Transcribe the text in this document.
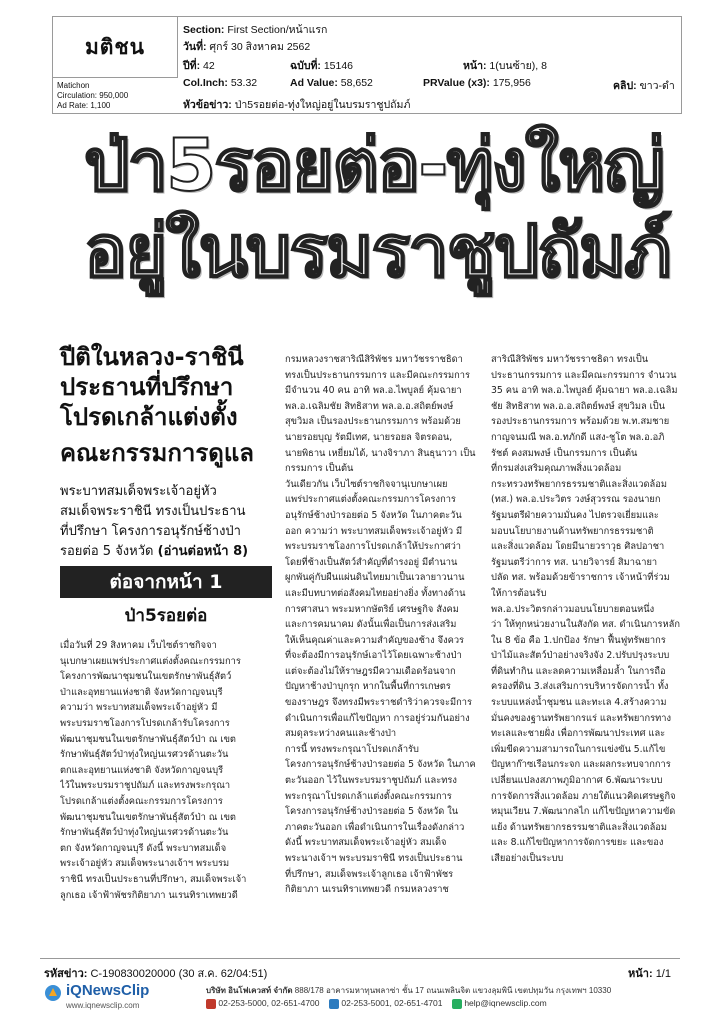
มติชน
Matichon
Circulation: 950,000
Ad Rate: 1,100
Section: First Section/หน้าแรก
วันที่: ศุกร์ 30 สิงหาคม 2562
ปีที่: 42	ฉบับที่: 15146	หน้า: 1(บนซ้าย), 8
Col.Inch: 53.32	Ad Value: 58,652	PRValue (x3): 175,956	คลิป: ขาว-ดำ
หัวข้อข่าว: ป่า5รอยต่อ-ทุ่งใหญ่อยู่ในบรมราชูปถัมภ์
ป่า5รอยต่อ-ทุ่งใหญ่
อยู่ในบรมราชูปถัมภ์
ปีติในหลวง-ราชินี
ประธานที่ปรึกษา
โปรดเกล้าแต่งตั้ง
คณะกรรมการดูแล
พระบาทสมเด็จพระเจ้าอยู่หัว
สมเด็จพระราชินี ทรงเป็นประธาน
ที่ปรึกษา โครงการอนุรักษ์ช้างป่า
รอยต่อ 5 จังหวัด (อ่านต่อหน้า 8)
ต่อจากหน้า 1
ป่า5รอยต่อ
เมื่อวันที่ 29 สิงหาคม เว็บไซต์ราชกิจจา
นุเบกษาเผยแพร่ประกาศแต่งตั้งคณะกรรมการ
โครงการพัฒนาชุมชนในเขตรักษาพันธุ์สัตว์
ป่าและอุทยานแห่งชาติ จังหวัดกาญจนบุรี
ความว่า พระบาทสมเด็จพระเจ้าอยู่หัว มี
พระบรมราชโองการโปรดเกล้ารับโครงการ
พัฒนาชุมชนในเขตรักษาพันธุ์สัตว์ป่า ณ เขต
รักษาพันธุ์สัตว์ป่าทุ่งใหญ่นเรศวรด้านตะวัน
ตกและอุทยานแห่งชาติ จังหวัดกาญจนบุรี
ไว้ในพระบรมราชูปถัมภ์ และทรงพระกรุณา
โปรดเกล้าแต่งตั้งคณะกรรมการโครงการ
พัฒนาชุมชนในเขตรักษาพันธุ์สัตว์ป่า ณ เขต
รักษาพันธุ์สัตว์ป่าทุ่งใหญ่นเรศวรด้านตะวัน
ตก จังหวัดกาญจนบุรี ดังนี้ พระบาทสมเด็จ
พระเจ้าอยู่หัว สมเด็จพระนางเจ้าฯ พระบรม
ราชินี ทรงเป็นประธานที่ปรึกษา, สมเด็จพระเจ้า
ลูกเธอ เจ้าฟ้าพัชรกิติยาภา นเรนทิราเทพยวดี
กรมหลวงราชสาริณีสิริพัชร มหาวัชรราชธิดา
ทรงเป็นประธานกรรมการ และมีคณะกรรมการ
มีจำนวน 40 คน อาทิ พล.อ.ไพบูลย์ คุ้มฉายา
พล.อ.เฉลิมชัย สิทธิสาท พล.อ.อ.สถิตย์พงษ์
สุขวิมล เป็นรองประธานกรรมการ พร้อมด้วย
นายรอยบุญ รัตมีเทศ, นายรอยล จิตรดอน,
นายพิธาน เหยี่ยมได้, นางจิราภา สินธุนาวา เป็น
กรรมการ เป็นต้น
วันเดียวกัน เว็บไซต์ราชกิจจานุเบกษาเผย
แพร่ประกาศแต่งตั้งคณะกรรมการโครงการ
อนุรักษ์ช้างป่ารอยต่อ 5 จังหวัด ในภาคตะวัน
ออก ความว่า พระบาทสมเด็จพระเจ้าอยู่หัว มี
พระบรมราชโองการโปรดเกล้าให้ประกาศว่า
โดยที่ช้างเป็นสัตว์สำคัญที่ดำรงอยู่ มีตำนาน
ผูกพันคู่กับผืนแผ่นดินไทยมาเป็นเวลายาวนาน
และมีบทบาทต่อสังคมไทยอย่างยิ่ง ทั้งทางด้าน
การศาสนา พระมหากษัตริย์ เศรษฐกิจ สังคม
และการคมนาคม ดังนั้นเพื่อเป็นการส่งเสริม
ให้เห็นคุณค่าและความสำคัญของช้าง จึงควร
ที่จะต้องมีการอนุรักษ์เอาไว้โดยเฉพาะช้างป่า
แต่จะต้องไม่ให้ราษฎรมีความเดือดร้อนจาก
ปัญหาช้างป่าบุกรุก หากในพื้นที่การเกษตร
ของราษฎร จึงทรงมีพระราชดำริว่าควรจะมีการ
ดำเนินการเพื่อแก้ไขปัญหา การอยู่ร่วมกันอย่าง
สมดุลระหว่างคนและช้างป่า
การนี้ ทรงพระกรุณาโปรดเกล้ารับ
โครงการอนุรักษ์ช้างป่ารอยต่อ 5 จังหวัด ในภาค
ตะวันออก ไว้ในพระบรมราชูปถัมภ์ และทรง
พระกรุณาโปรดเกล้าแต่งตั้งคณะกรรมการ
โครงการอนุรักษ์ช้างป่ารอยต่อ 5 จังหวัด ใน
ภาคตะวันออก เพื่อดำเนินการในเรื่องดังกล่าว
ดังนี้ พระบาทสมเด็จพระเจ้าอยู่หัว สมเด็จ
พระนางเจ้าฯ พระบรมราชินี ทรงเป็นประธาน
ที่ปรึกษา, สมเด็จพระเจ้าลูกเธอ เจ้าฟ้าพัชร
กิติยาภา นเรนทิราเทพยวดี กรมหลวงราช
สาริณีสิริพัชร มหาวัชรราชธิดา ทรงเป็น
ประธานกรรมการ และมีคณะกรรมการ จำนวน
35 คน อาทิ พล.อ.ไพบูลย์ คุ้มฉายา พล.อ.เฉลิม
ชัย สิทธิสาท พล.อ.อ.สถิตย์พงษ์ สุขวิมล เป็น
รองประธานกรรมการ พร้อมด้วย พ.ท.สมชาย
กาญจนมณี พล.อ.ทภักดี แสง-ชูโต พล.อ.อภิ
รัชต์ คงสมพงษ์ เป็นกรรมการ เป็นต้น
ที่กรมส่งเสริมคุณภาพสิ่งแวดล้อม
กระทรวงทรัพยากรธรรมชาติและสิ่งแวดล้อม
(ทส.) พล.อ.ประวิตร วงษ์สุวรรณ รองนายก
รัฐมนตรีฝ่ายความมั่นคง ไปตรวจเยี่ยมและ
มอบนโยบายงานด้านทรัพยากรธรรมชาติ
และสิ่งแวดล้อม โดยมีนายวราวุธ ศิลปอาชา
รัฐมนตรีว่าการ ทส. นายวิจารย์ สิมาฉายา
ปลัด ทส. พร้อมด้วยข้าราชการ เจ้าหน้าที่ร่วม
ให้การต้อนรับ
พล.อ.ประวิตรกล่าวมอบนโยบายตอนหนึ่ง
ว่า ให้ทุกหน่วยงานในสังกัด ทส. ดำเนินการหลัก
ใน 8 ข้อ คือ 1.ปกป้อง รักษา ฟื้นฟูทรัพยากร
ป่าไม้และสัตว์ป่าอย่างจริงจัง 2.ปรับปรุงระบบ
ที่ดินทำกิน และลดความเหลื่อมล้ำ ในการถือ
ครองที่ดิน 3.ส่งเสริมการบริหารจัดการน้ำ ทั้ง
ระบบแหล่งน้ำชุมชน และทะเล 4.สร้างความ
มั่นคงของฐานทรัพยากรแร่ และทรัพยากรทาง
ทะเลและชายฝั่ง เพื่อการพัฒนาประเทศ และ
เพิ่มขีดความสามารถในการแข่งขัน 5.แก้ไข
ปัญหาก๊าซเรือนกระจก และผลกระทบจากการ
เปลี่ยนแปลงสภาพภูมิอากาศ 6.พัฒนาระบบ
การจัดการสิ่งแวดล้อม ภายใต้แนวคิดเศรษฐกิจ
หมุนเวียน 7.พัฒนากลไก แก้ไขปัญหาความขัด
แย้ง ด้านทรัพยากรธรรมชาติและสิ่งแวดล้อม
และ 8.แก้ไขปัญหาการจัดการขยะ และของ
เสียอย่างเป็นระบบ
รหัสข่าว: C-190830020000 (30 ส.ค. 62/04:51)	หน้า: 1/1
iQNewsClip
www.iqnewsclip.com
บริษัท อินโฟเควสท์ จำกัด 888/178 อาคารมหาทุนพลาซ่า ชั้น 17 ถนนเพลินจิต แขวงลุมพินี เขตปทุมวัน กรุงเทพฯ 10330
02-253-5000, 02-651-4700	02-253-5001, 02-651-4701	help@iqnewsclip.com
